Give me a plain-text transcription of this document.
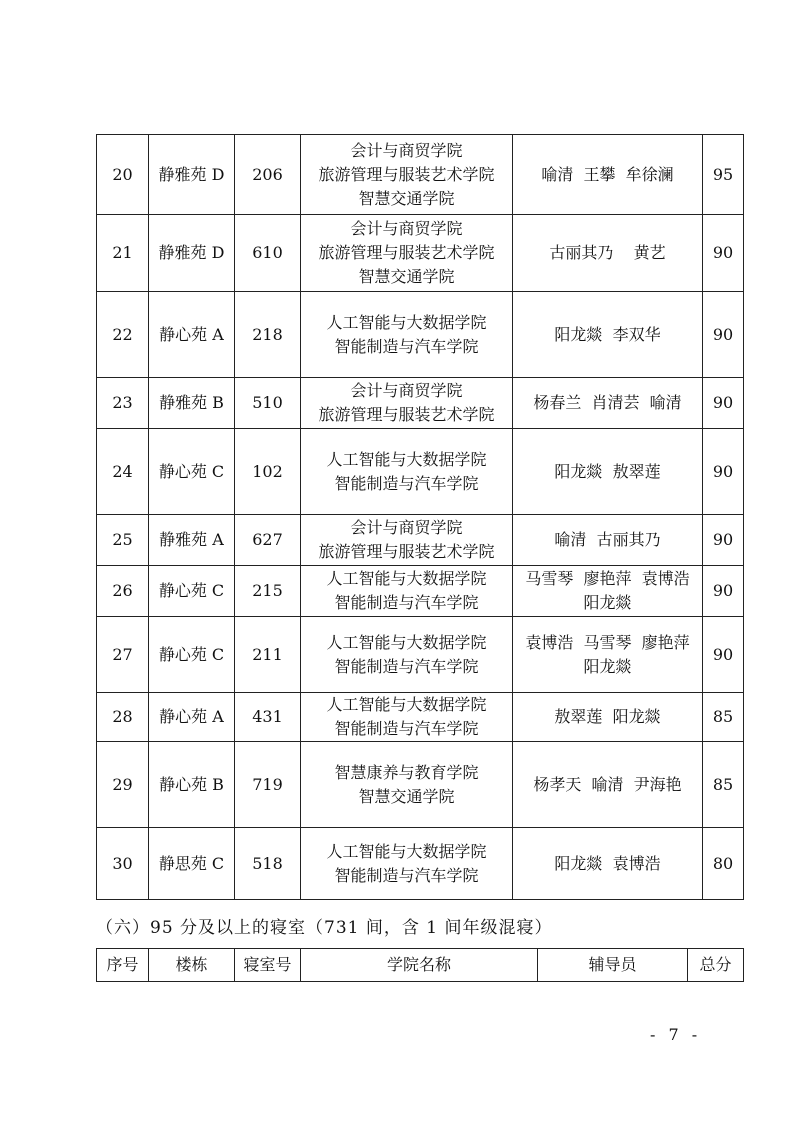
20	静雅苑 D	206	会计与商贸学院
旅游管理与服装艺术学院
智慧交通学院	喻清  王攀  牟徐澜	95
21	静雅苑 D	610	会计与商贸学院
旅游管理与服装艺术学院
智慧交通学院	古丽其乃    黄艺	90
22	静心苑 A	218	人工智能与大数据学院
智能制造与汽车学院	阳龙燚  李双华	90
23	静雅苑 B	510	会计与商贸学院
旅游管理与服装艺术学院	杨春兰  肖清芸  喻清	90
24	静心苑 C	102	人工智能与大数据学院
智能制造与汽车学院	阳龙燚  敖翠莲	90
25	静雅苑 A	627	会计与商贸学院
旅游管理与服装艺术学院	喻清  古丽其乃	90
26	静心苑 C	215	人工智能与大数据学院
智能制造与汽车学院	马雪琴  廖艳萍  袁博浩
阳龙燚	90
27	静心苑 C	211	人工智能与大数据学院
智能制造与汽车学院	袁博浩  马雪琴  廖艳萍
阳龙燚	90
28	静心苑 A	431	人工智能与大数据学院
智能制造与汽车学院	敖翠莲  阳龙燚	85
29	静心苑 B	719	智慧康养与教育学院
智慧交通学院	杨孝天  喻清  尹海艳	85
30	静思苑 C	518	人工智能与大数据学院
智能制造与汽车学院	阳龙燚  袁博浩	80
（六）95 分及以上的寝室（731 间，含 1 间年级混寝）
序号	楼栋	寝室号	学院名称	辅导员	总分
- 7 -
